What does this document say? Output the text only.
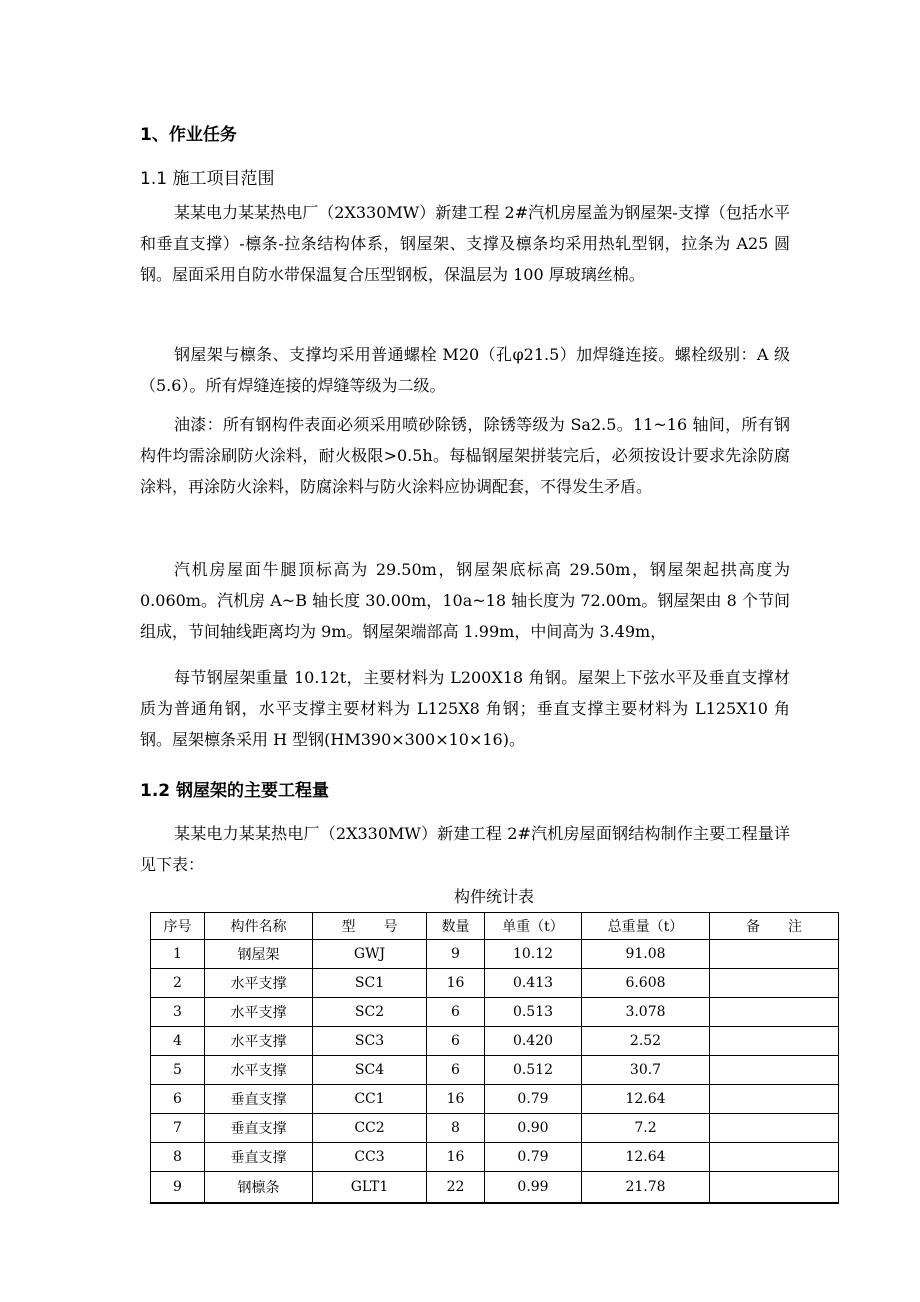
1、作业任务
1.1 施工项目范围

某某电力某某热电厂（2X330MW）新建工程 2#汽机房屋盖为钢屋架-支撑（包括水平和垂直支撑）-檩条-拉条结构体系，钢屋架、支撑及檩条均采用热轧型钢，拉条为 A25 圆钢。屋面采用自防水带保温复合压型钢板，保温层为 100 厚玻璃丝棉。

钢屋架与檩条、支撑均采用普通螺栓 M20（孔φ21.5）加焊缝连接。螺栓级别：A 级（5.6）。所有焊缝连接的焊缝等级为二级。

油漆：所有钢构件表面必须采用喷砂除锈，除锈等级为 Sa2.5。11~16 轴间，所有钢构件均需涂刷防火涂料，耐火极限>0.5h。每榀钢屋架拼装完后，必须按设计要求先涂防腐涂料，再涂防火涂料，防腐涂料与防火涂料应协调配套，不得发生矛盾。

汽机房屋面牛腿顶标高为 29.50m，钢屋架底标高 29.50m，钢屋架起拱高度为 0.060m。汽机房 A~B 轴长度 30.00m，10a~18 轴长度为 72.00m。钢屋架由 8 个节间组成，节间轴线距离均为 9m。钢屋架端部高 1.99m，中间高为 3.49m，

每节钢屋架重量 10.12t，主要材料为 L200X18 角钢。屋架上下弦水平及垂直支撑材质为普通角钢，水平支撑主要材料为 L125X8 角钢；垂直支撑主要材料为 L125X10 角钢。屋架檩条采用 H 型钢(HM390×300×10×16)。

1.2 钢屋架的主要工程量

某某电力某某热电厂（2X330MW）新建工程 2#汽机房屋面钢结构制作主要工程量详见下表：

构件统计表
序号	构件名称	型　　号	数量	单重（t）	总重量（t）	备　　注
1	钢屋架	GWJ	9	10.12	91.08	
2	水平支撑	SC1	16	0.413	6.608	
3	水平支撑	SC2	6	0.513	3.078	
4	水平支撑	SC3	6	0.420	2.52	
5	水平支撑	SC4	6	0.512	30.7	
6	垂直支撑	CC1	16	0.79	12.64	
7	垂直支撑	CC2	8	0.90	7.2	
8	垂直支撑	CC3	16	0.79	12.64	
9	钢檩条	GLT1	22	0.99	21.78	
